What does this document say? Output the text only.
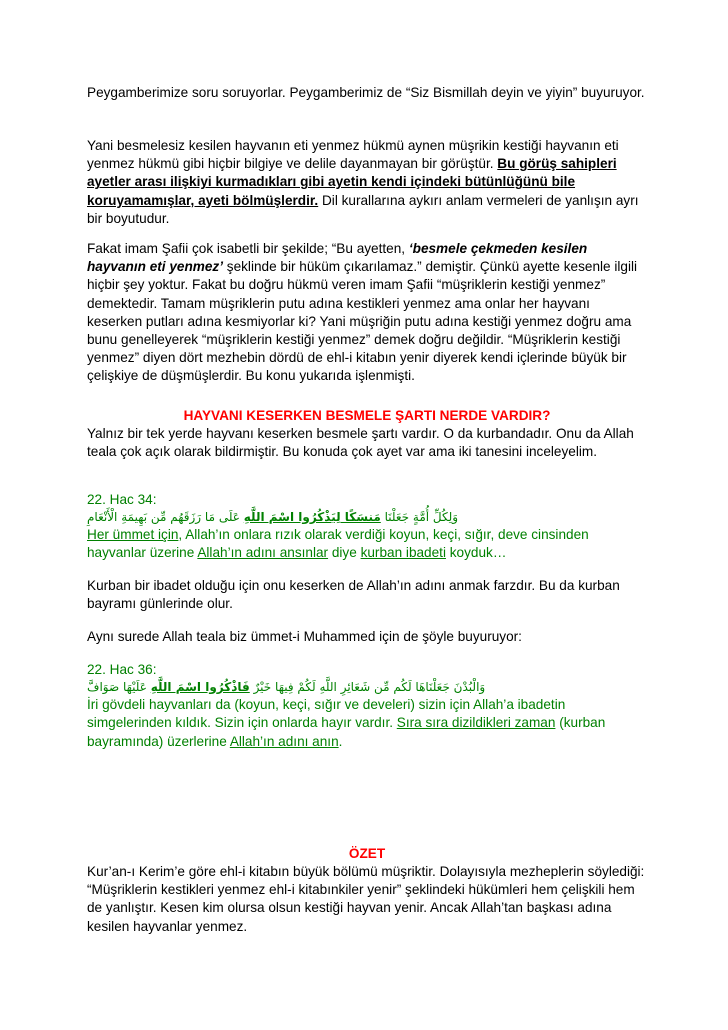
Peygamberimize soru soruyorlar. Peygamberimiz de “Siz Bismillah deyin ve yiyin” buyuruyor.

Yani besmelesiz kesilen hayvanın eti yenmez hükmü aynen müşrikin kestiği hayvanın eti yenmez hükmü gibi hiçbir bilgiye ve delile dayanmayan bir görüştür. Bu görüş sahipleri ayetler arası ilişkiyi kurmadıkları gibi ayetin kendi içindeki bütünlüğünü bile koruyamamışlar, ayeti bölmüşlerdir. Dil kurallarına aykırı anlam vermeleri de yanlışın ayrı bir boyutudur.

Fakat imam Şafii çok isabetli bir şekilde; “Bu ayetten, ‘besmele çekmeden kesilen hayvanın eti yenmez’ şeklinde bir hüküm çıkarılamaz.” demiştir. Çünkü ayette kesenle ilgili hiçbir şey yoktur. Fakat bu doğru hükmü veren imam Şafii “müşriklerin kestiği yenmez” demektedir. Tamam müşriklerin putu adına kestikleri yenmez ama onlar her hayvanı keserken putları adına kesmiyorlar ki? Yani müşriğin putu adına kestiği yenmez doğru ama bunu genelleyerek “müşriklerin kestiği yenmez” demek doğru değildir. “Müşriklerin kestiği yenmez” diyen dört mezhebin dördü de ehl-i kitabın yenir diyerek kendi içlerinde büyük bir çelişkiye de düşmüşlerdir. Bu konu yukarıda işlenmişti.

HAYVANI KESERKEN BESMELE ŞARTI NERDE VARDIR?

Yalnız bir tek yerde hayvanı keserken besmele şartı vardır. O da kurbandadır. Onu da Allah teala çok açık olarak bildirmiştir. Bu konuda çok ayet var ama iki tanesini inceleyelim.

22. Hac 34:

وَلِكُلِّ أُمَّةٍ جَعَلْنَا مَنسَكًا لِيَذْكُرُوا اسْمَ اللَّهِ عَلَى مَا رَزَقَهُم مِّن بَهِيمَةِ الْأَنْعَامِ

Her ümmet için, Allah’ın onlara rızık olarak verdiği koyun, keçi, sığır, deve cinsinden hayvanlar üzerine Allah’ın adını ansınlar diye kurban ibadeti koyduk…

Kurban bir ibadet olduğu için onu keserken de Allah’ın adını anmak farzdır. Bu da kurban bayramı günlerinde olur.

Aynı surede Allah teala biz ümmet-i Muhammed için de şöyle buyuruyor:

22. Hac 36:

وَالْبُدْنَ جَعَلْنَاهَا لَكُم مِّن شَعَائِرِ اللَّهِ لَكُمْ فِيهَا خَيْرٌ فَاذْكُرُوا اسْمَ اللَّهِ عَلَيْهَا صَوَافَّ

İri gövdeli hayvanları da (koyun, keçi, sığır ve develeri) sizin için Allah’a ibadetin simgelerinden kıldık. Sizin için onlarda hayır vardır. Sıra sıra dizildikleri zaman (kurban bayramında) üzerlerine Allah’ın adını anın.

ÖZET

Kur’an-ı Kerim’e göre ehl-i kitabın büyük bölümü müşriktir. Dolayısıyla mezheplerin söylediği: “Müşriklerin kestikleri yenmez ehl-i kitabınkiler yenir” şeklindeki hükümleri hem çelişkili hem de yanlıştır. Kesen kim olursa olsun kestiği hayvan yenir. Ancak Allah’tan başkası adına kesilen hayvanlar yenmez.
